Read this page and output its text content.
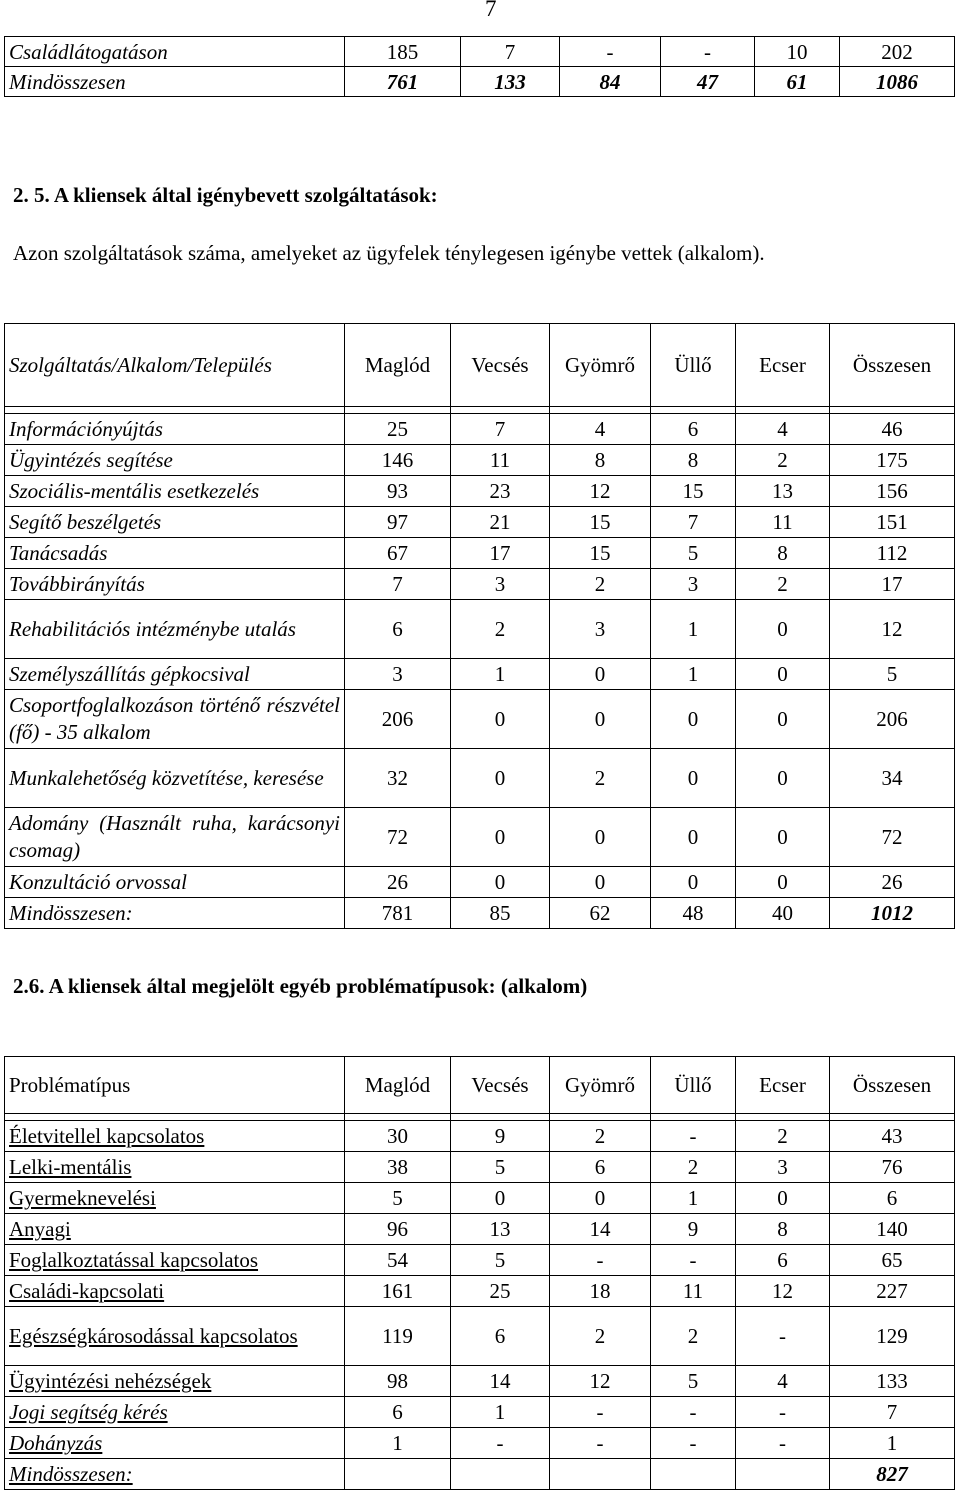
7
Családlátogatáson	185	7	-	-	10	202
Mindösszesen	761	133	84	47	61	1086
2. 5. A kliensek által igénybevett szolgáltatások:
Azon szolgáltatások száma, amelyeket az ügyfelek ténylegesen igénybe vettek (alkalom).
Szolgáltatás/Alkalom/Település	Maglód	Vecsés	Gyömrő	Üllő	Ecser	Összesen

Információnyújtás	25	7	4	6	4	46
Ügyintézés segítése	146	11	8	8	2	175
Szociális-mentális esetkezelés	93	23	12	15	13	156
Segítő beszélgetés	97	21	15	7	11	151
Tanácsadás	67	17	15	5	8	112
Továbbirányítás	7	3	2	3	2	17
Rehabilitációs intézménybe utalás	6	2	3	1	0	12
Személyszállítás gépkocsival	3	1	0	1	0	5
Csoportfoglalkozáson történő részvétel (fő) - 35 alkalom	206	0	0	0	0	206
Munkalehetőség közvetítése, keresése	32	0	2	0	0	34
Adomány (Használt ruha, karácsonyi csomag)	72	0	0	0	0	72
Konzultáció orvossal	26	0	0	0	0	26
Mindösszesen:	781	85	62	48	40	1012
2.6. A kliensek által megjelölt egyéb problématípusok: (alkalom)
Problématípus	Maglód	Vecsés	Gyömrő	Üllő	Ecser	Összesen

Életvitellel kapcsolatos	30	9	2	-	2	43
Lelki-mentális	38	5	6	2	3	76
Gyermeknevelési	5	0	0	1	0	6
Anyagi	96	13	14	9	8	140
Foglalkoztatással kapcsolatos	54	5	-	-	6	65
Családi-kapcsolati	161	25	18	11	12	227
Egészségkárosodással kapcsolatos	119	6	2	2	-	129
Ügyintézési nehézségek	98	14	12	5	4	133
Jogi segítség kérés	6	1	-	-	-	7
Dohányzás	1	-	-	-	-	1
Mindösszesen:						827
